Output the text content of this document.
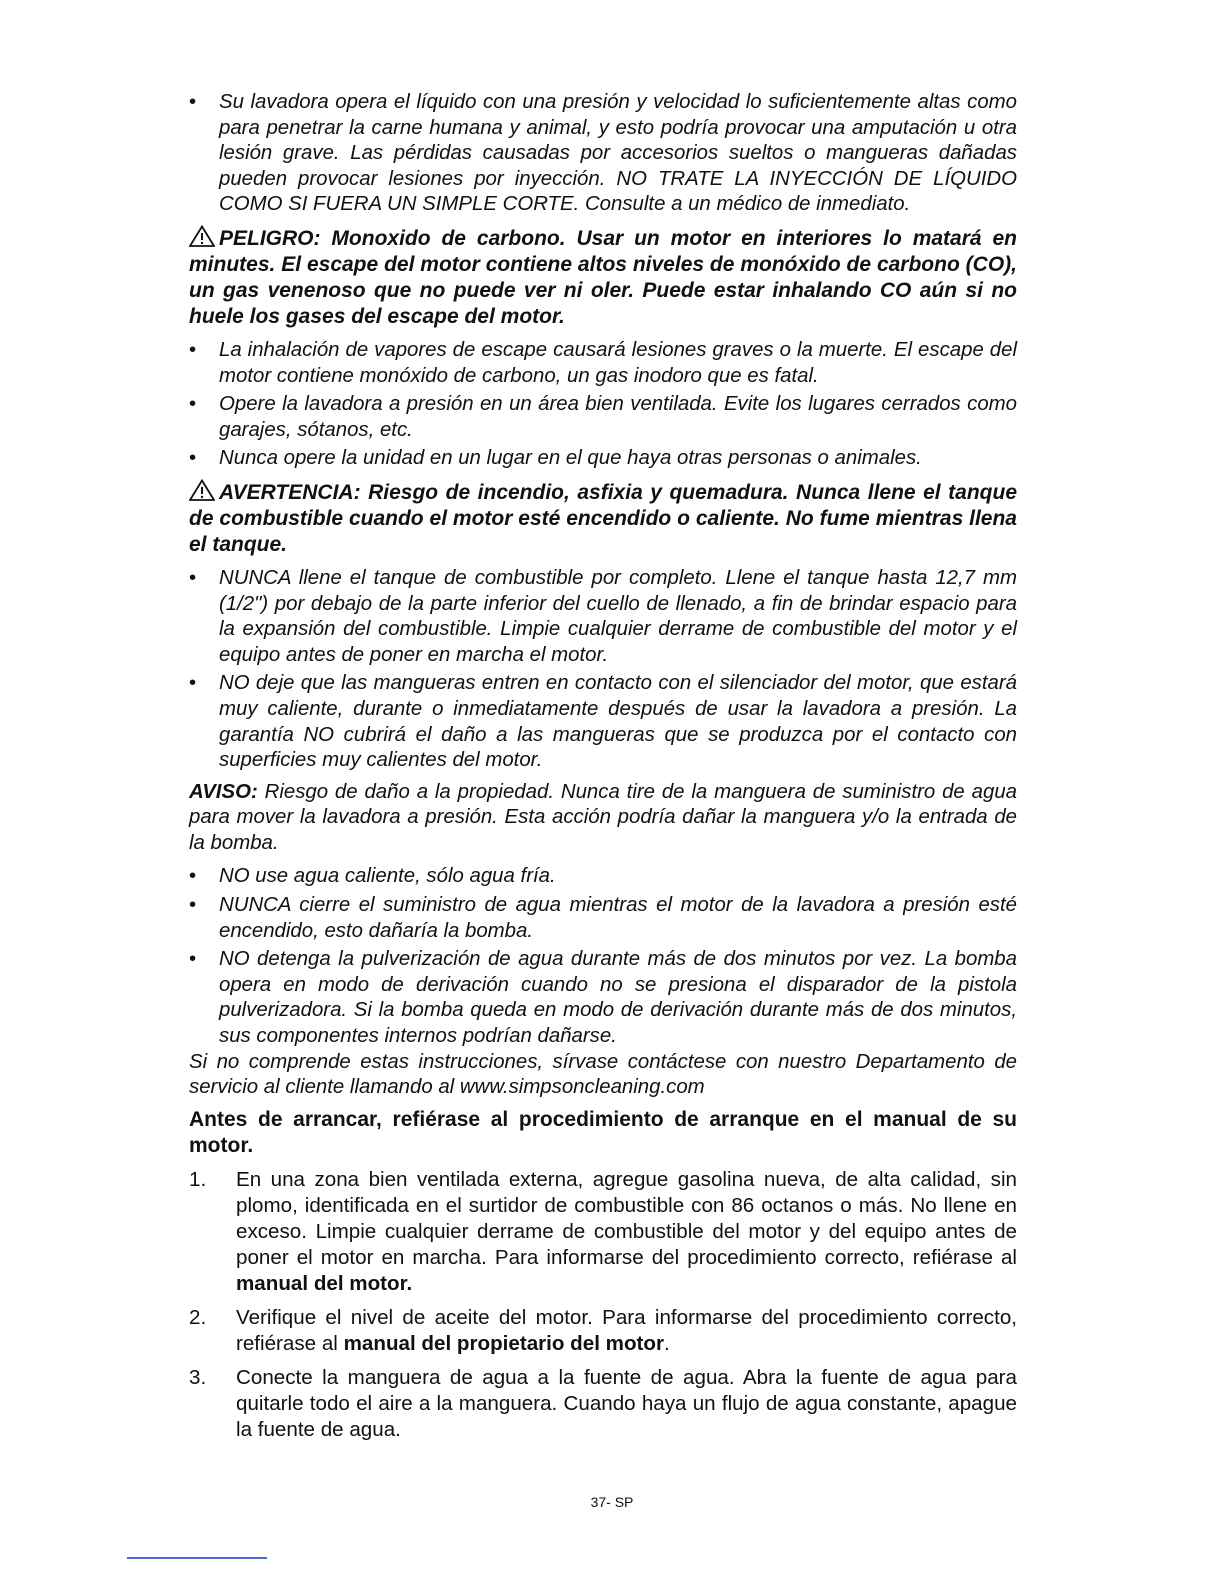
• Su lavadora opera el líquido con una presión y velocidad lo suficientemente altas como para penetrar la carne humana y animal, y esto podría provocar una amputación u otra lesión grave. Las pérdidas causadas por accesorios sueltos o mangueras dañadas pueden provocar lesiones por inyección. NO TRATE LA INYECCIÓN DE LÍQUIDO COMO SI FUERA UN SIMPLE CORTE. Consulte a un médico de inmediato.
PELIGRO: Monoxido de carbono. Usar un motor en interiores lo matará en minutes. El escape del motor contiene altos niveles de monóxido de carbono (CO), un gas venenoso que no puede ver ni oler. Puede estar inhalando CO aún si no huele los gases del escape del motor.
• La inhalación de vapores de escape causará lesiones graves o la muerte. El escape del motor contiene monóxido de carbono, un gas inodoro que es fatal.
• Opere la lavadora a presión en un área bien ventilada. Evite los lugares cerrados como garajes, sótanos, etc.
• Nunca opere la unidad en un lugar en el que haya otras personas o animales.
AVERTENCIA: Riesgo de incendio, asfixia y quemadura. Nunca llene el tanque de combustible cuando el motor esté encendido o caliente. No fume mientras llena el tanque.
• NUNCA llene el tanque de combustible por completo. Llene el tanque hasta 12,7 mm (1/2") por debajo de la parte inferior del cuello de llenado, a fin de brindar espacio para la expansión del combustible. Limpie cualquier derrame de combustible del motor y el equipo antes de poner en marcha el motor.
• NO deje que las mangueras entren en contacto con el silenciador del motor, que estará muy caliente, durante o inmediatamente después de usar la lavadora a presión. La garantía NO cubrirá el daño a las mangueras que se produzca por el contacto con superficies muy calientes del motor.
AVISO: Riesgo de daño a la propiedad. Nunca tire de la manguera de suministro de agua para mover la lavadora a presión. Esta acción podría dañar la manguera y/o la entrada de la bomba.
• NO use agua caliente, sólo agua fría.
• NUNCA cierre el suministro de agua mientras el motor de la lavadora a presión esté encendido, esto dañaría la bomba.
• NO detenga la pulverización de agua durante más de dos minutos por vez. La bomba opera en modo de derivación cuando no se presiona el disparador de la pistola pulverizadora. Si la bomba queda en modo de derivación durante más de dos minutos, sus componentes internos podrían dañarse.

Si no comprende estas instrucciones, sírvase contáctese con nuestro Departamento de servicio al cliente llamando al www.simpsoncleaning.com

Antes de arrancar, refiérase al procedimiento de arranque en el manual de su motor.

1. En una zona bien ventilada externa, agregue gasolina nueva, de alta calidad, sin plomo, identificada en el surtidor de combustible con 86 octanos o más. No llene en exceso. Limpie cualquier derrame de combustible del motor y del equipo antes de poner el motor en marcha. Para informarse del procedimiento correcto, refiérase al manual del motor.
2. Verifique el nivel de aceite del motor. Para informarse del procedimiento correcto, refiérase al manual del propietario del motor.
3. Conecte la manguera de agua a la fuente de agua. Abra la fuente de agua para quitarle todo el aire a la manguera. Cuando haya un flujo de agua constante, apague la fuente de agua.
37- SP
